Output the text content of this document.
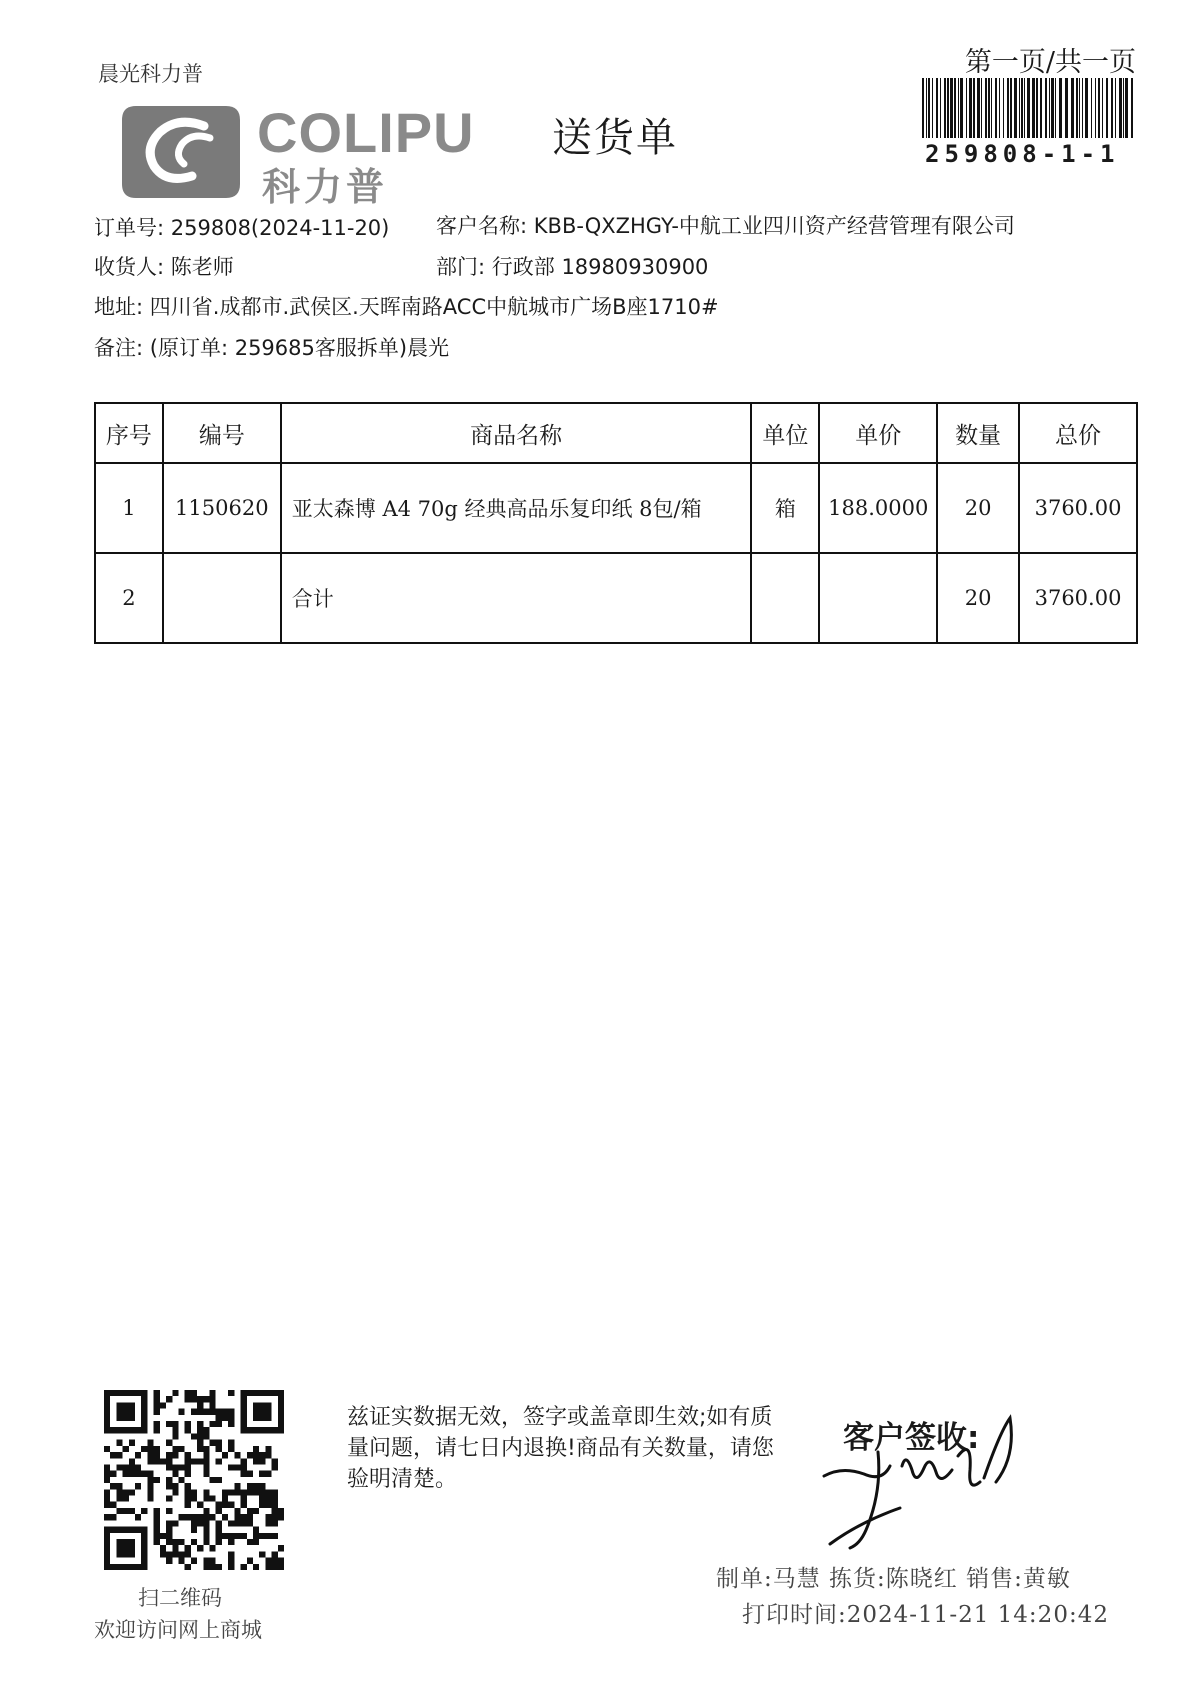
晨光科力普
COLIPU
科力普
送货单
第一页/共一页
259808-1-1
订单号: 259808(2024-11-20) 客户名称: KBB-QXZHGY-中航工业四川资产经营管理有限公司
收货人: 陈老师	部门: 行政部 18980930900
地址: 四川省.成都市.武侯区.天晖南路ACC中航城市广场B座1710#
备注: (原订单: 259685客服拆单)晨光
序号	编号	商品名称	单位	单价	数量	总价
1	1150620	亚太森博 A4 70g 经典高品乐复印纸 8包/箱	箱	188.0000	20	3760.00
2		合计			20	3760.00
扫二维码
欢迎访问网上商城
兹证实数据无效，签字或盖章即生效;如有质量问题，请七日内退换!商品有关数量，请您验明清楚。
客户签收:
制单:马慧 拣货:陈晓红 销售:黄敏
打印时间:2024-11-21 14:20:42
